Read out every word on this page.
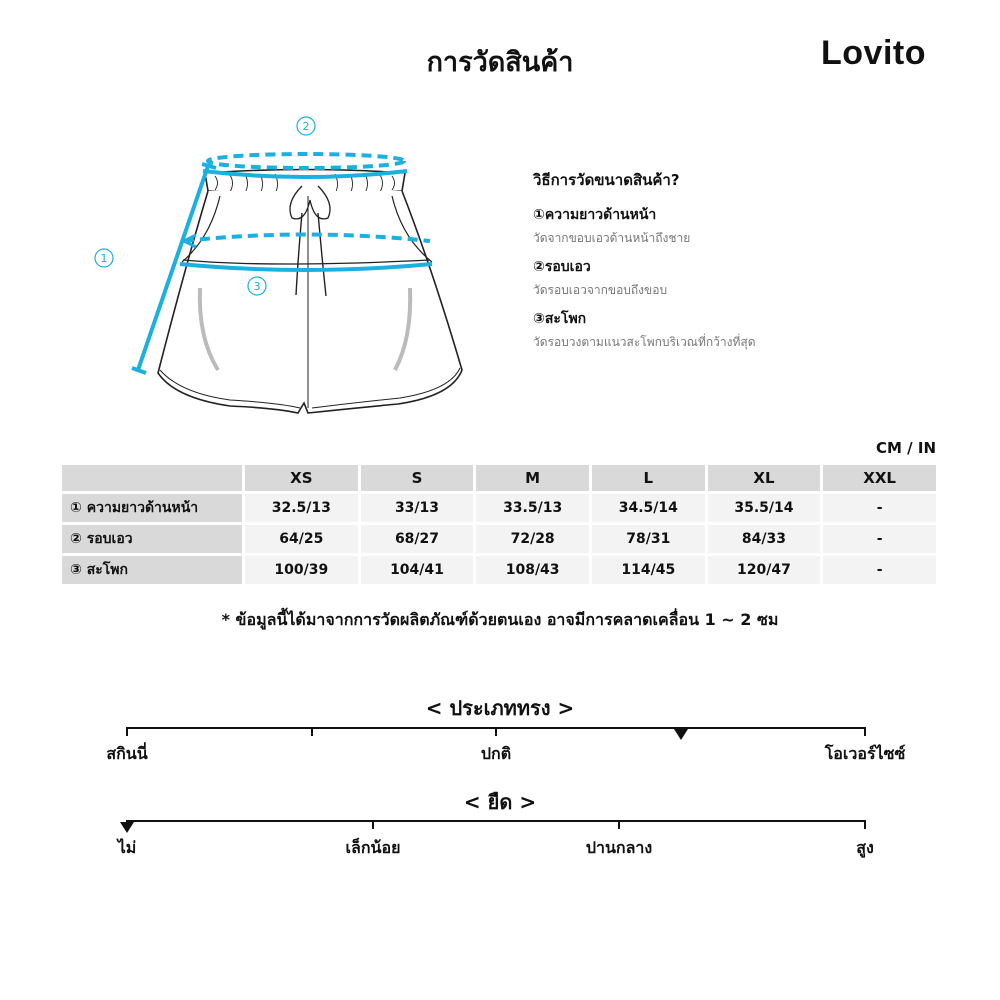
การวัดสินค้า	Lovito
2
1
3
วิธีการวัดขนาดสินค้า?
①ความยาวด้านหน้า
วัดจากขอบเอวด้านหน้าถึงชาย
②รอบเอว
วัดรอบเอวจากขอบถึงขอบ
③สะโพก
วัดรอบวงตามแนวสะโพกบริเวณที่กว้างที่สุด
CM / IN
	XS	S	M	L	XL	XXL
① ความยาวด้านหน้า	32.5/13	33/13	33.5/13	34.5/14	35.5/14	-
② รอบเอว	64/25	68/27	72/28	78/31	84/33	-
③ สะโพก	100/39	104/41	108/43	114/45	120/47	-
* ข้อมูลนี้ได้มาจากการวัดผลิตภัณฑ์ด้วยตนเอง อาจมีการคลาดเคลื่อน 1 ~ 2 ซม
< ประเภททรง >
สกินนี่	ปกติ	โอเวอร์ไซซ์
< ยืด >
ไม่	เล็กน้อย	ปานกลาง	สูง
